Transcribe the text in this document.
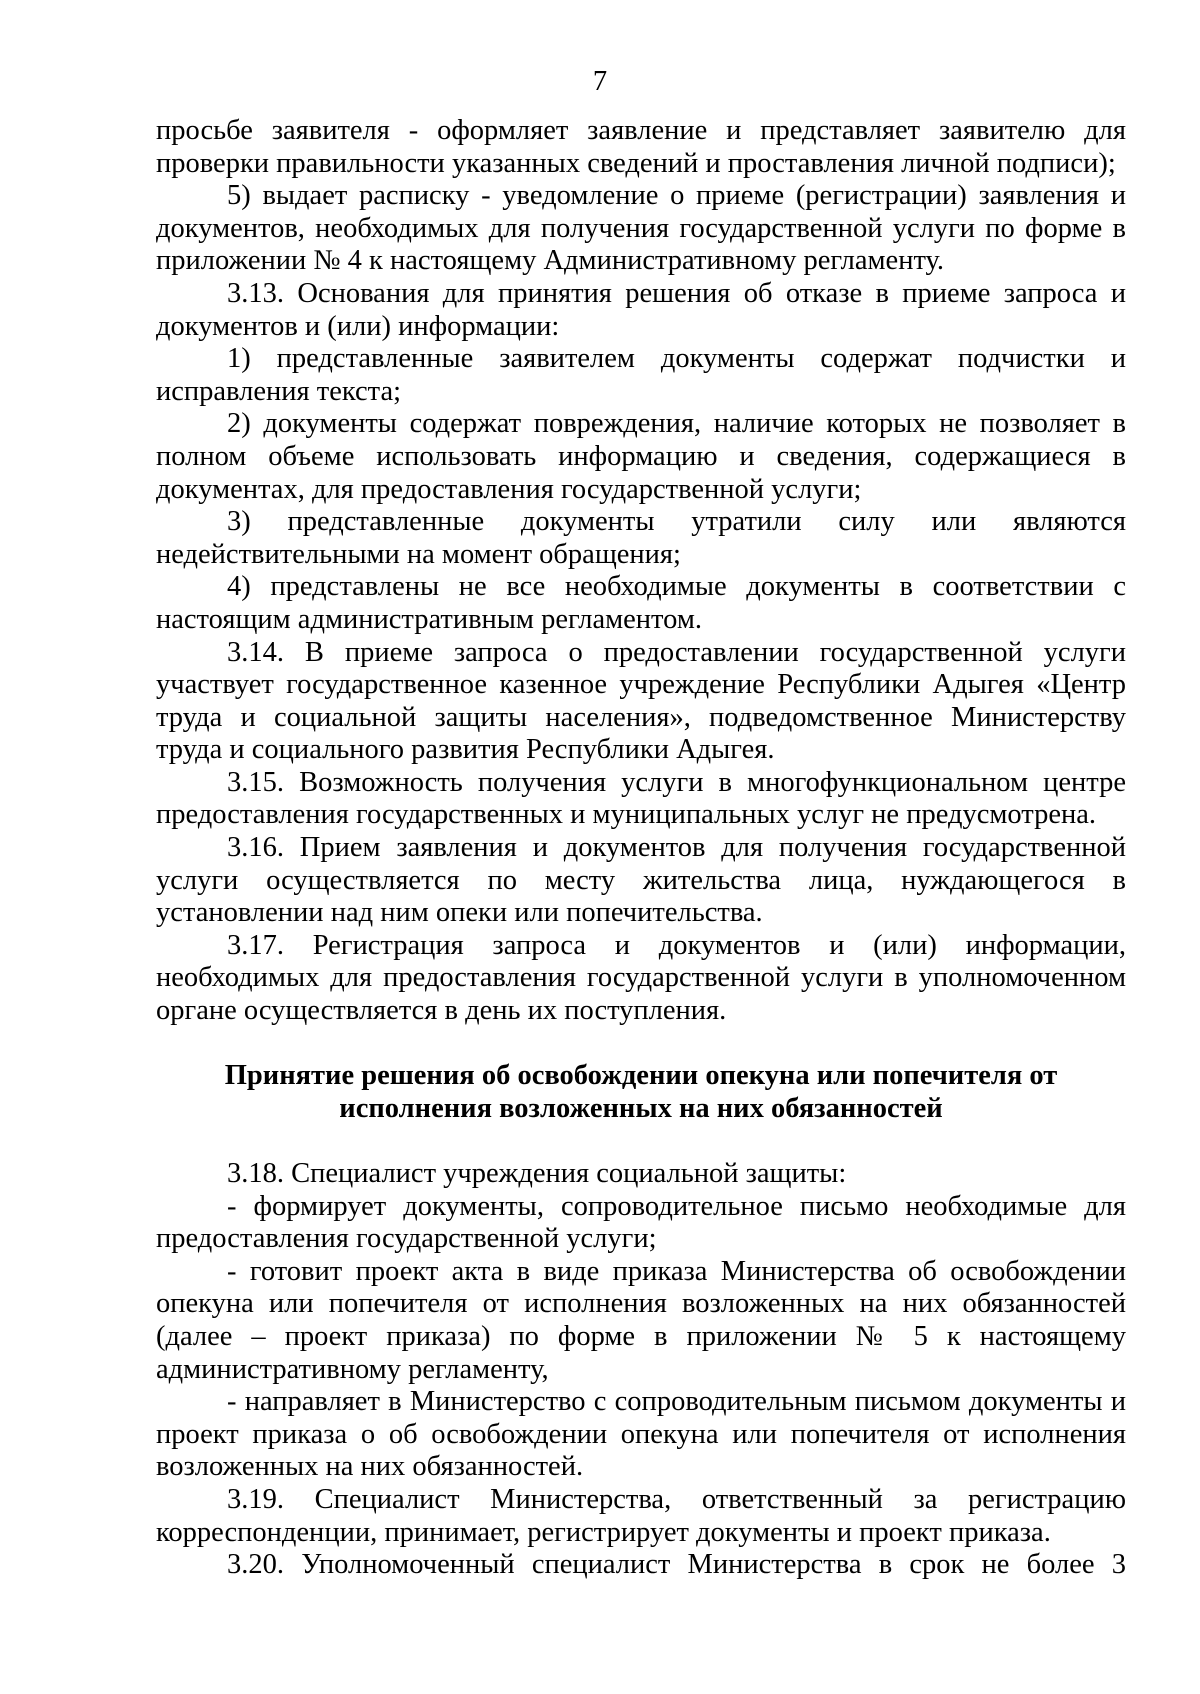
7
просьбе заявителя - оформляет заявление и представляет заявителю для
проверки правильности указанных сведений и проставления личной подписи);
5) выдает расписку - уведомление о приеме (регистрации) заявления и
документов, необходимых для получения государственной услуги по форме в
приложении № 4 к настоящему Административному регламенту.
3.13. Основания для принятия решения об отказе в приеме запроса и
документов и (или) информации:
1) представленные заявителем документы содержат подчистки и
исправления текста;
2) документы содержат повреждения, наличие которых не позволяет в
полном объеме использовать информацию и сведения, содержащиеся в
документах, для предоставления государственной услуги;
3) представленные документы утратили силу или являются
недействительными на момент обращения;
4) представлены не все необходимые документы в соответствии с
настоящим административным регламентом.
3.14. В приеме запроса о предоставлении государственной услуги
участвует государственное казенное учреждение Республики Адыгея «Центр
труда и социальной защиты населения», подведомственное Министерству
труда и социального развития Республики Адыгея.
3.15. Возможность получения услуги в многофункциональном центре
предоставления государственных и муниципальных услуг не предусмотрена.
3.16. Прием заявления и документов для получения государственной
услуги осуществляется по месту жительства лица, нуждающегося в
установлении над ним опеки или попечительства.
3.17. Регистрация запроса и документов и (или) информации,
необходимых для предоставления государственной услуги в уполномоченном
органе осуществляется в день их поступления.
Принятие решения об освобождении опекуна или попечителя от
исполнения возложенных на них обязанностей
3.18. Специалист учреждения социальной защиты:
- формирует документы, сопроводительное письмо необходимые для
предоставления государственной услуги;
- готовит проект акта в виде приказа Министерства об освобождении
опекуна или попечителя от исполнения возложенных на них обязанностей
(далее – проект приказа) по форме в приложении № 5 к настоящему
административному регламенту,
- направляет в Министерство с сопроводительным письмом документы и
проект приказа о об освобождении опекуна или попечителя от исполнения
возложенных на них обязанностей.
3.19. Специалист Министерства, ответственный за регистрацию
корреспонденции, принимает, регистрирует документы и проект приказа.
3.20. Уполномоченный специалист Министерства в срок не более 3
